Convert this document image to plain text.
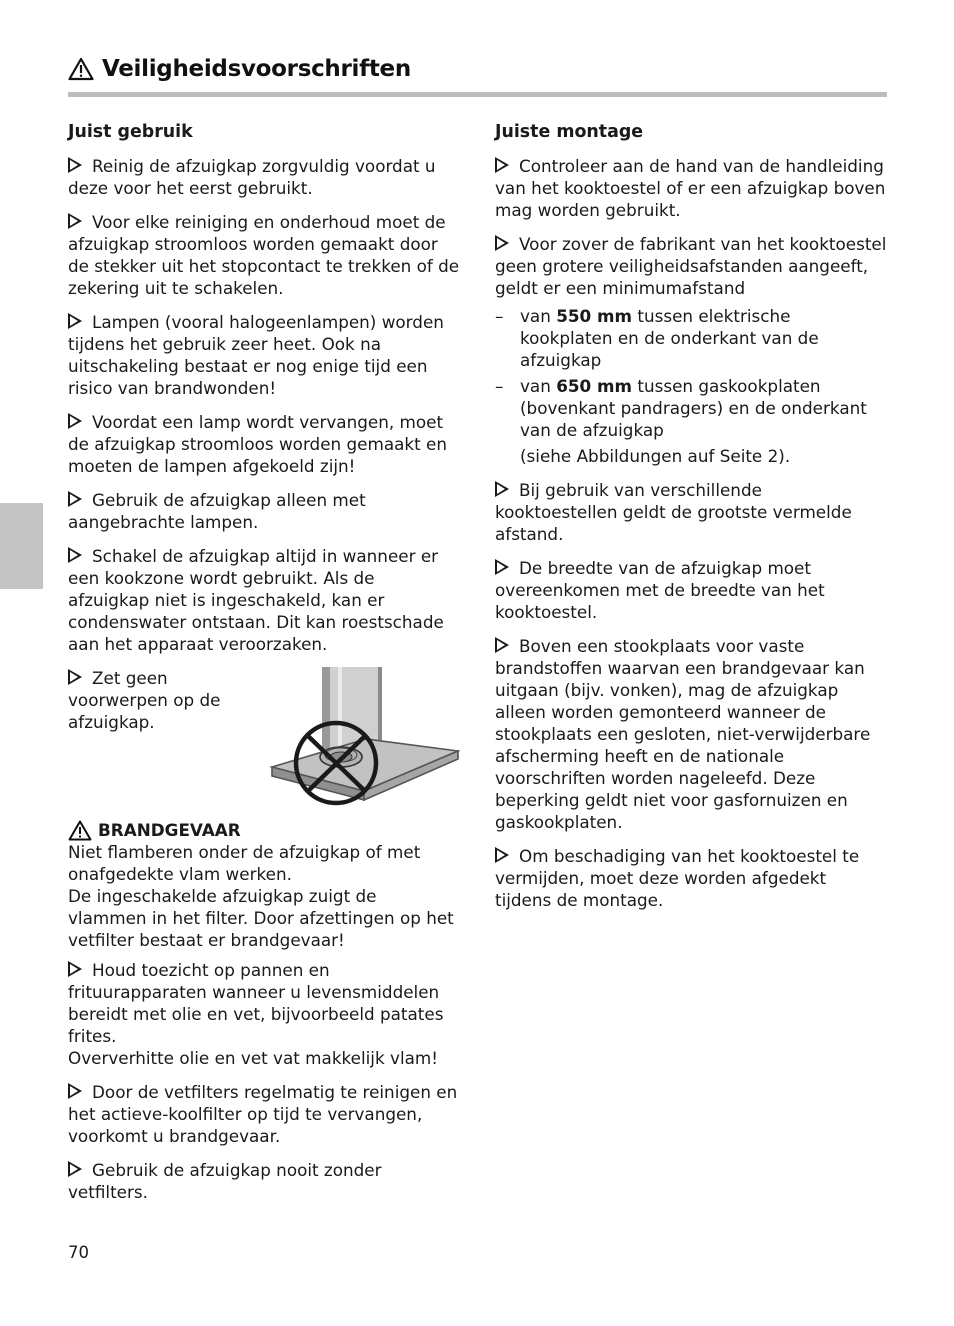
Veiligheidsvoorschriften
Juist gebruik
Reinig de afzuigkap zorgvuldig voordat u deze voor het eerst gebruikt.
Voor elke reiniging en onderhoud moet de afzuigkap stroomloos worden gemaakt door de stekker uit het stopcontact te trekken of de zekering uit te schakelen.
Lampen (vooral halogeenlampen) worden tijdens het gebruik zeer heet. Ook na uitschakeling bestaat er nog enige tijd een risico van brandwonden!
Voordat een lamp wordt vervangen, moet de afzuigkap stroomloos worden gemaakt en moeten de lampen afgekoeld zijn!
Gebruik de afzuigkap alleen met aangebrachte lampen.
Schakel de afzuigkap altijd in wanneer er een kookzone wordt gebruikt. Als de afzuigkap niet is ingeschakeld, kan er condenswater ontstaan. Dit kan roestschade aan het apparaat veroorzaken.
Zet geen voorwerpen op de afzuigkap.
BRANDGEVAAR
Niet flamberen onder de afzuigkap of met onafgedekte vlam werken.
De ingeschakelde afzuigkap zuigt de vlammen in het filter. Door afzettingen op het vetfilter bestaat er brandgevaar!
Houd toezicht op pannen en frituurapparaten wanneer u levensmiddelen bereidt met olie en vet, bijvoorbeeld patates frites.
Oververhitte olie en vet vat makkelijk vlam!
Door de vetfilters regelmatig te reinigen en het actieve-koolfilter op tijd te vervangen, voorkomt u brandgevaar.
Gebruik de afzuigkap nooit zonder vetfilters.
Juiste montage
Controleer aan de hand van de handleiding van het kooktoestel of er een afzuigkap boven mag worden gebruikt.
Voor zover de fabrikant van het kooktoestel geen grotere veiligheidsafstanden aangeeft, geldt er een minimumafstand
– van 550 mm tussen elektrische kookplaten en de onderkant van de afzuigkap
– van 650 mm tussen gaskookplaten (bovenkant pandragers) en de onderkant van de afzuigkap
(siehe Abbildungen auf Seite 2).
Bij gebruik van verschillende kooktoestellen geldt de grootste vermelde afstand.
De breedte van de afzuigkap moet overeenkomen met de breedte van het kooktoestel.
Boven een stookplaats voor vaste brandstoffen waarvan een brandgevaar kan uitgaan (bijv. vonken), mag de afzuigkap alleen worden gemonteerd wanneer de stookplaats een gesloten, niet-verwijderbare afscherming heeft en de nationale voorschriften worden nageleefd. Deze beperking geldt niet voor gasfornuizen en gaskookplaten.
Om beschadiging van het kooktoestel te vermijden, moet deze worden afgedekt tijdens de montage.
70
